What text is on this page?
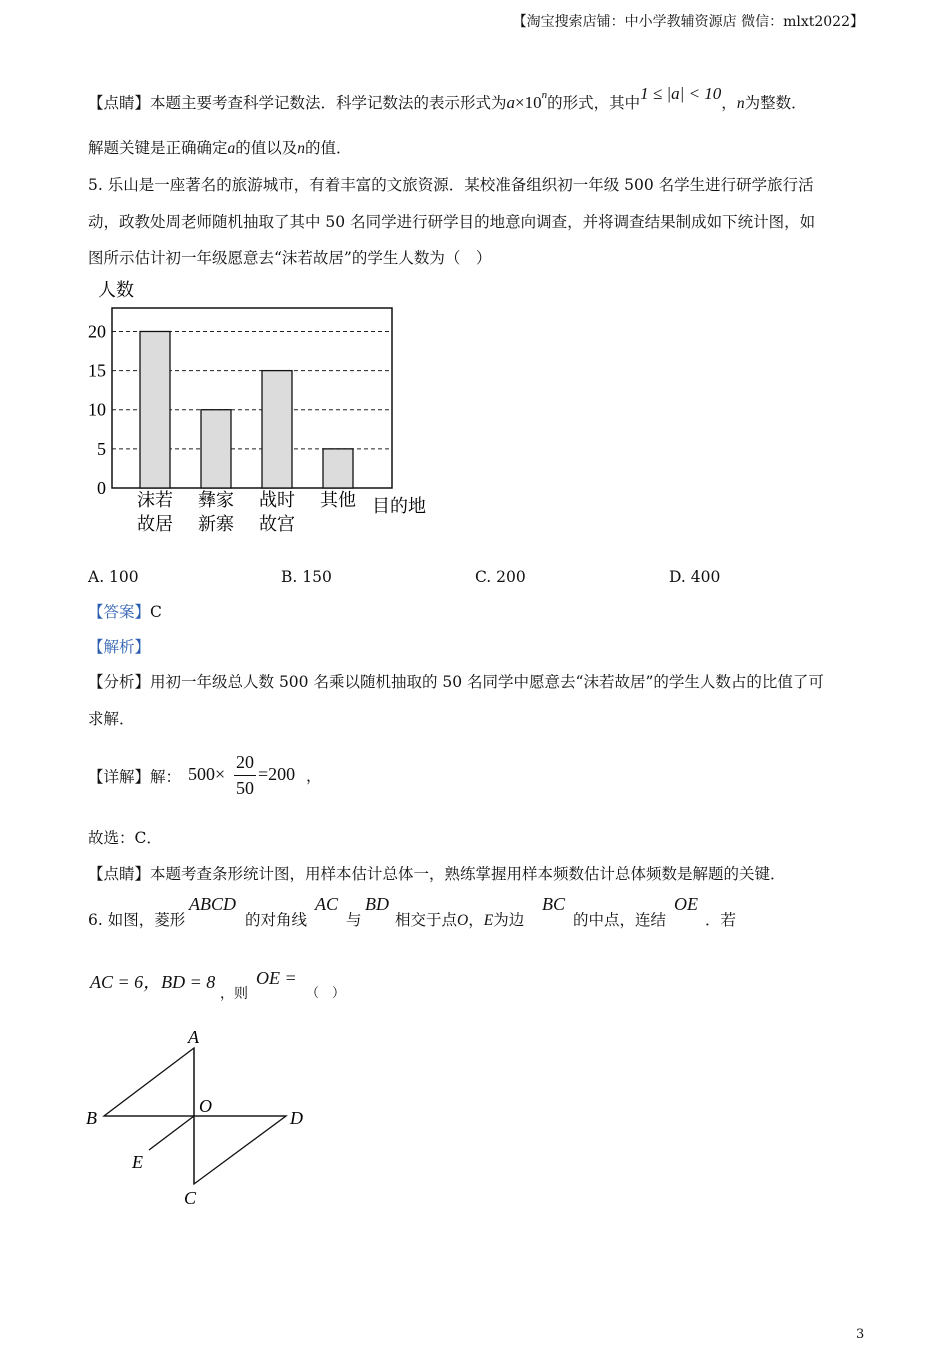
【淘宝搜索店铺：中小学教辅资源店 微信：mlxt2022】
【点睛】本题主要考查科学记数法．科学记数法的表示形式为$a\times 10^n$的形式，其中1 ≤ |a| < 10，n为整数．
解题关键是正确确定a的值以及n的值．
5. 乐山是一座著名的旅游城市，有着丰富的文旅资源．某校准备组织初一年级 500 名学生进行研学旅行活
动，政教处周老师随机抽取了其中 50 名同学进行研学目的地意向调查，并将调查结果制成如下统计图，如
图所示估计初一年级愿意去“沫若故居”的学生人数为（　）
人数
0
5
10
15
20
沫若
故居
彝家
新寨
战时
故宫
其他 目的地
A. 100	B. 150	C. 200	D. 400
【答案】C
【解析】
【分析】用初一年级总人数 500 名乘以随机抽取的 50 名同学中愿意去“沫若故居”的学生人数占的比值了可
求解．
【详解】解： 500×
20
50
=200 ，
故选：C．
【点睛】本题考查条形统计图，用样本估计总体一，熟练掌握用样本频数估计总体频数是解题的关键．
6. 如图，菱形
ABCD
的对角线
AC
与
BD
相交于点O，E为边
BC
的中点，连结
OE
．若
AC = 6，BD = 8
，则
OE =
（　）
A
B	D
O
E
C
3
